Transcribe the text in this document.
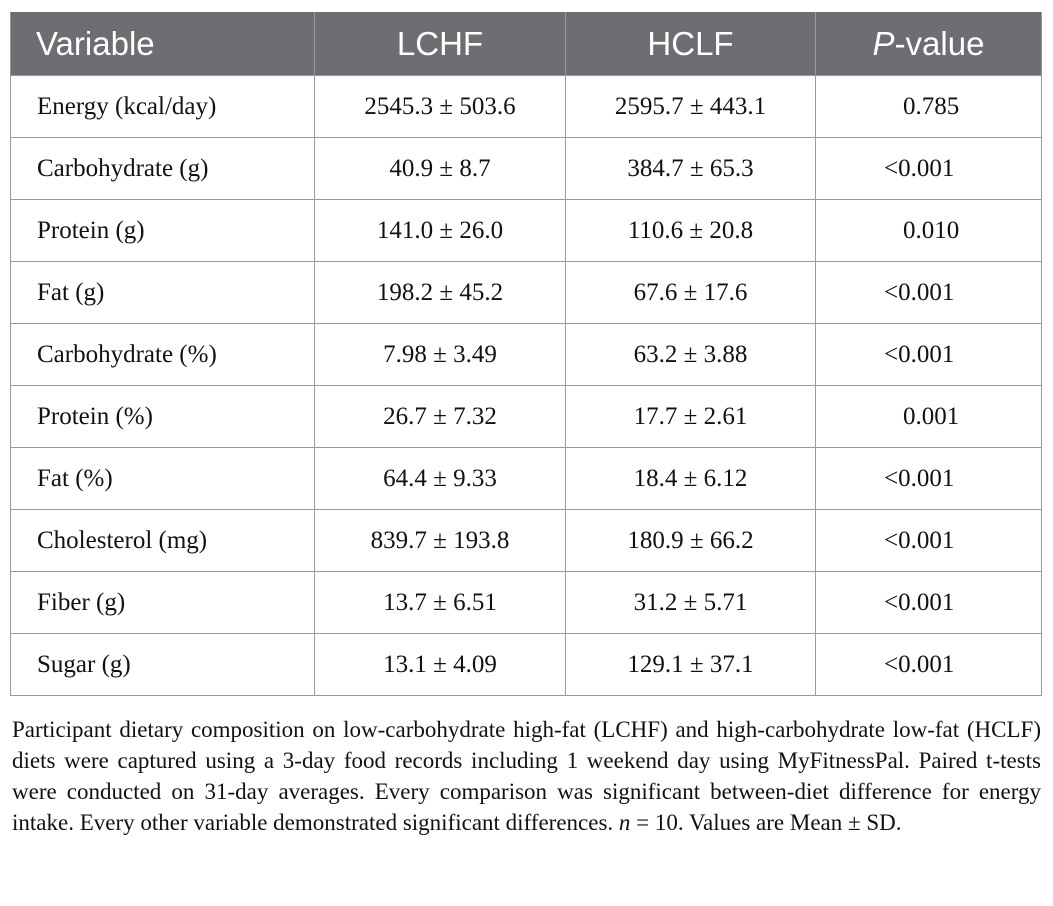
Variable	LCHF	HCLF	P-value
Energy (kcal/day)	2545.3 ± 503.6	2595.7 ± 443.1	0.785
Carbohydrate (g)	40.9 ± 8.7	384.7 ± 65.3	<0.001
Protein (g)	141.0 ± 26.0	110.6 ± 20.8	0.010
Fat (g)	198.2 ± 45.2	67.6 ± 17.6	<0.001
Carbohydrate (%)	7.98 ± 3.49	63.2 ± 3.88	<0.001
Protein (%)	26.7 ± 7.32	17.7 ± 2.61	0.001
Fat (%)	64.4 ± 9.33	18.4 ± 6.12	<0.001
Cholesterol (mg)	839.7 ± 193.8	180.9 ± 66.2	<0.001
Fiber (g)	13.7 ± 6.51	31.2 ± 5.71	<0.001
Sugar (g)	13.1 ± 4.09	129.1 ± 37.1	<0.001

Participant dietary composition on low-carbohydrate high-fat (LCHF) and high-carbohydrate low-fat (HCLF) diets were captured using a 3-day food records including 1 weekend day using MyFitnessPal. Paired t-tests were conducted on 31-day averages. Every comparison was significant between-diet difference for energy intake. Every other variable demonstrated significant differences. n = 10. Values are Mean ± SD.
